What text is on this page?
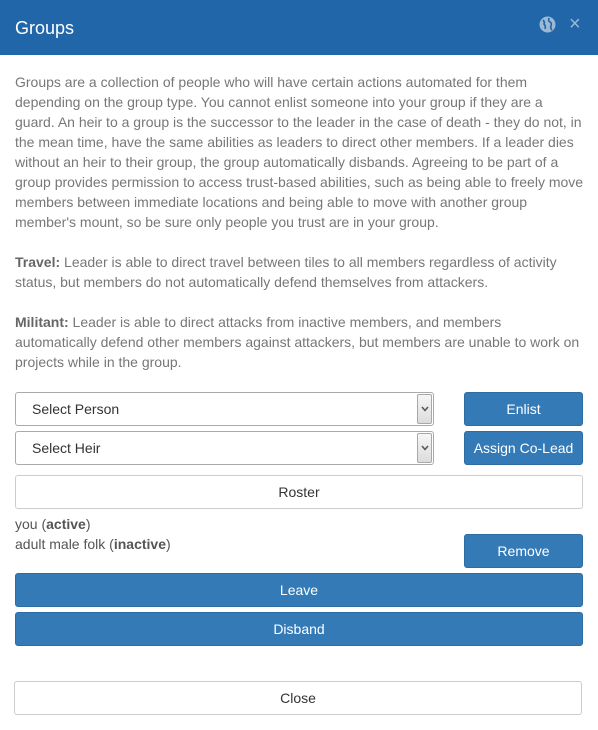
Groups	×

Groups are a collection of people who will have certain actions automated for them depending on the group type. You cannot enlist someone into your group if they are a guard. An heir to a group is the successor to the leader in the case of death - they do not, in the mean time, have the same abilities as leaders to direct other members. If a leader dies without an heir to their group, the group automatically disbands. Agreeing to be part of a group provides permission to access trust-based abilities, such as being able to freely move members between immediate locations and being able to move with another group member's mount, so be sure only people you trust are in your group.

Travel: Leader is able to direct travel between tiles to all members regardless of activity status, but members do not automatically defend themselves from attackers.

Militant: Leader is able to direct attacks from inactive members, and members automatically defend other members against attackers, but members are unable to work on projects while in the group.

Select Person	Enlist
Select Heir	Assign Co-Lead
Roster
you (active)
adult male folk (inactive)	Remove
Leave
Disband
Close
